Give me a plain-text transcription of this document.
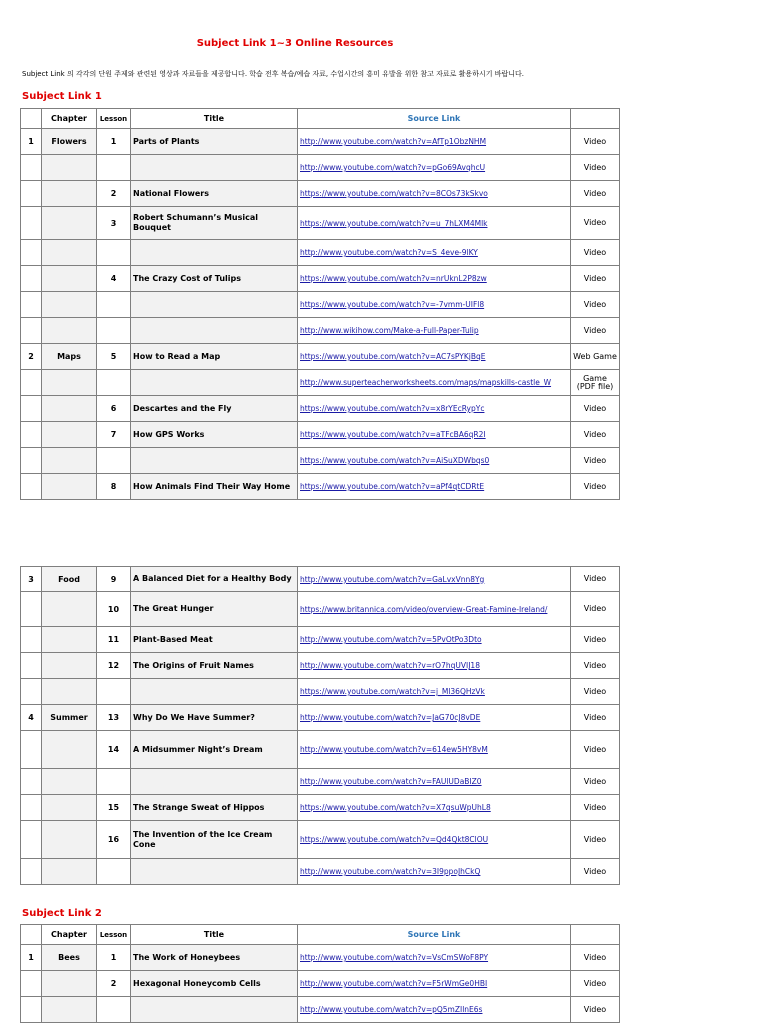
Subject Link 1~3 Online Resources
Subject Link 의 각각의 단원 주제와 관련된 영상과 자료들을 제공합니다. 학습 전후 복습/예습 자료, 수업시간의 흥미 유발을 위한 참고 자료로 활용하시기 바랍니다.
Subject Link 1
	Chapter	Lesson	Title	Source Link	
1	Flowers	1	Parts of Plants	http://www.youtube.com/watch?v=AfTp1ObzNHM	Video
				http://www.youtube.com/watch?v=pGo69AvqhcU	Video
		2	National Flowers	https://www.youtube.com/watch?v=8COs73kSkvo	Video
		3	Robert Schumann’s Musical Bouquet	https://www.youtube.com/watch?v=u_7hLXM4Mlk	Video
				http://www.youtube.com/watch?v=S_4eve-9lKY	Video
		4	The Crazy Cost of Tulips	https://www.youtube.com/watch?v=nrUknL2P8zw	Video
				https://www.youtube.com/watch?v=-7vmm-UIFl8	Video
				http://www.wikihow.com/Make-a-Full-Paper-Tulip	Video
2	Maps	5	How to Read a Map	https://www.youtube.com/watch?v=AC7sPYKjBqE	Web Game
				http://www.superteacherworksheets.com/maps/mapskills-castle_W	Game (PDF file)
		6	Descartes and the Fly	https://www.youtube.com/watch?v=x8rYEcRypYc	Video
		7	How GPS Works	https://www.youtube.com/watch?v=aTFcBA6qR2I	Video
				https://www.youtube.com/watch?v=AiSuXDWbqs0	Video
		8	How Animals Find Their Way Home	https://www.youtube.com/watch?v=aPf4qtCDRtE	Video
3	Food	9	A Balanced Diet for a Healthy Body	http://www.youtube.com/watch?v=GaLvxVnn8Yg	Video
		10	The Great Hunger	https://www.britannica.com/video/overview-Great-Famine-Ireland/	Video
		11	Plant-Based Meat	http://www.youtube.com/watch?v=5PvOtPo3Dto	Video
		12	The Origins of Fruit Names	http://www.youtube.com/watch?v=rO7hqUVIJ18	Video
				https://www.youtube.com/watch?v=j_Ml36QHzVk	Video
4	Summer	13	Why Do We Have Summer?	http://www.youtube.com/watch?v=JaG70cJ8vDE	Video
		14	A Midsummer Night’s Dream	http://www.youtube.com/watch?v=614ew5HY8vM	Video
				http://www.youtube.com/watch?v=FAUlUDaBIZ0	Video
		15	The Strange Sweat of Hippos	https://www.youtube.com/watch?v=X7qsuWpUhL8	Video
		16	The Invention of the Ice Cream Cone	https://www.youtube.com/watch?v=Qd4Qkt8ClOU	Video
				http://www.youtube.com/watch?v=3I9ppoJhCkQ	Video
Subject Link 2
	Chapter	Lesson	Title	Source Link	
1	Bees	1	The Work of Honeybees	http://www.youtube.com/watch?v=VsCmSWoF8PY	Video
		2	Hexagonal Honeycomb Cells	http://www.youtube.com/watch?v=F5rWmGe0HBI	Video
				http://www.youtube.com/watch?v=pQ5mZIlnE6s	Video
